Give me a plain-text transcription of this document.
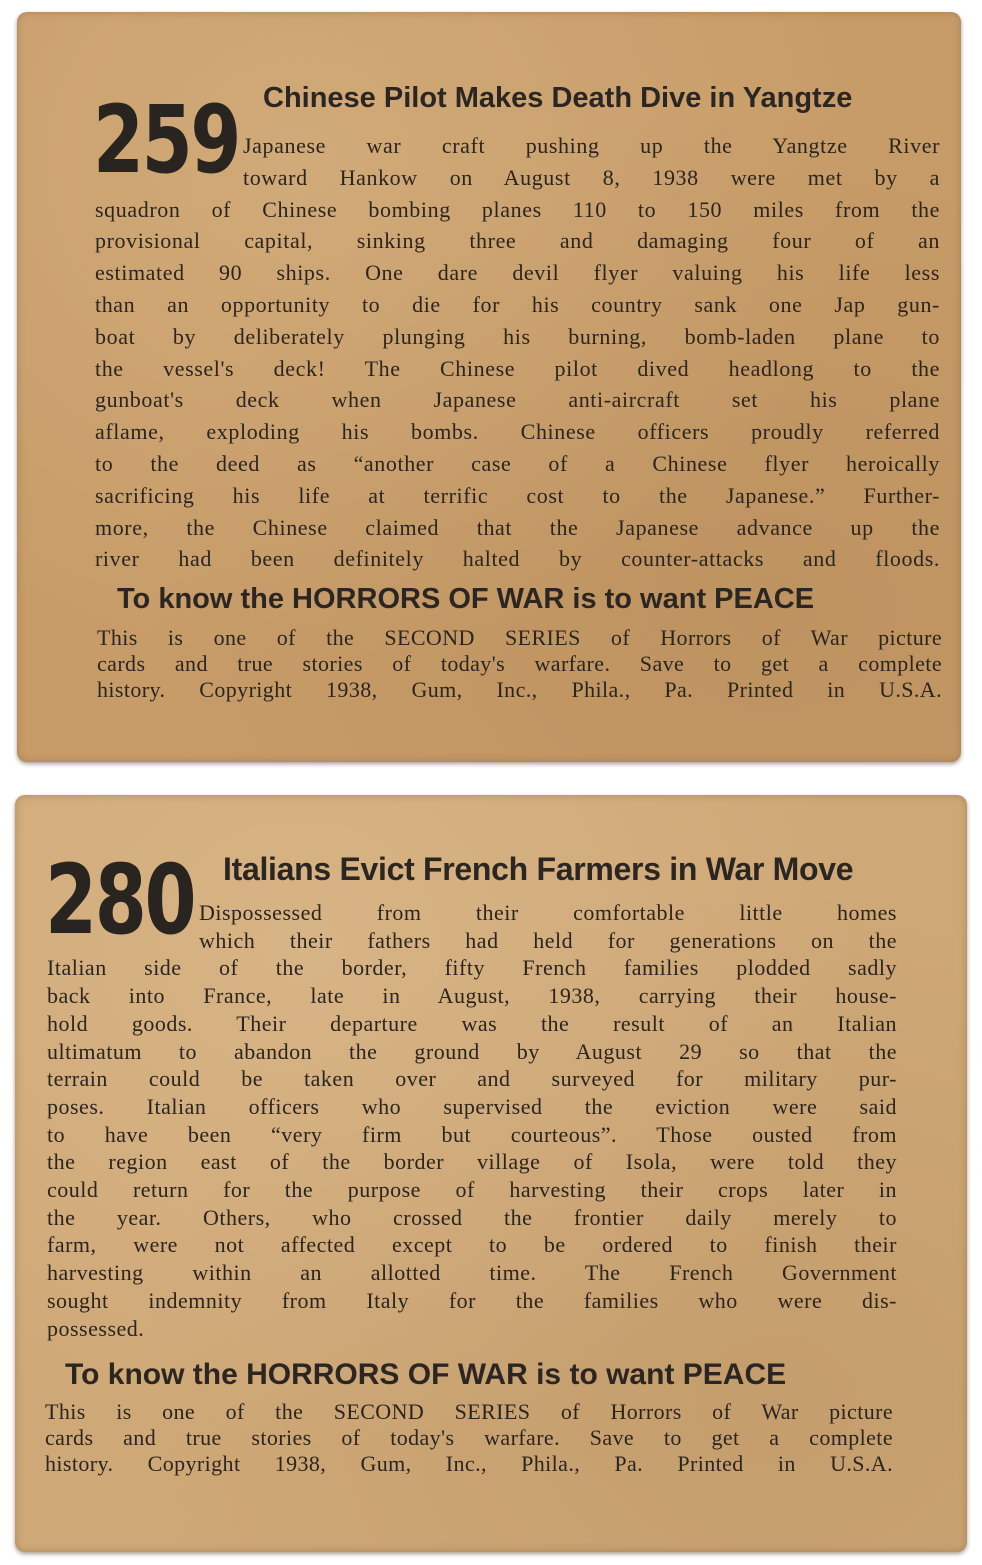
259 Chinese Pilot Makes Death Dive in Yangtze
Japanese war craft pushing up the Yangtze River
toward Hankow on August 8, 1938 were met by a
squadron of Chinese bombing planes 110 to 150 miles from the
provisional capital, sinking three and damaging four of an
estimated 90 ships. One dare devil flyer valuing his life less
than an opportunity to die for his country sank one Jap gun-
boat by deliberately plunging his burning, bomb-laden plane to
the vessel's deck! The Chinese pilot dived headlong to the
gunboat's deck when Japanese anti-aircraft set his plane
aflame, exploding his bombs. Chinese officers proudly referred
to the deed as “another case of a Chinese flyer heroically
sacrificing his life at terrific cost to the Japanese.” Further-
more, the Chinese claimed that the Japanese advance up the
river had been definitely halted by counter-attacks and floods.
To know the HORRORS OF WAR is to want PEACE
This is one of the SECOND SERIES of Horrors of War picture
cards and true stories of today's warfare. Save to get a complete
history. Copyright 1938, Gum, Inc., Phila., Pa. Printed in U.S.A.
280 Italians Evict French Farmers in War Move
Dispossessed from their comfortable little homes
which their fathers had held for generations on the
Italian side of the border, fifty French families plodded sadly
back into France, late in August, 1938, carrying their house-
hold goods. Their departure was the result of an Italian
ultimatum to abandon the ground by August 29 so that the
terrain could be taken over and surveyed for military pur-
poses. Italian officers who supervised the eviction were said
to have been “very firm but courteous”. Those ousted from
the region east of the border village of Isola, were told they
could return for the purpose of harvesting their crops later in
the year. Others, who crossed the frontier daily merely to
farm, were not affected except to be ordered to finish their
harvesting within an allotted time. The French Government
sought indemnity from Italy for the families who were dis-
possessed.
To know the HORRORS OF WAR is to want PEACE
This is one of the SECOND SERIES of Horrors of War picture
cards and true stories of today's warfare. Save to get a complete
history. Copyright 1938, Gum, Inc., Phila., Pa. Printed in U.S.A.
